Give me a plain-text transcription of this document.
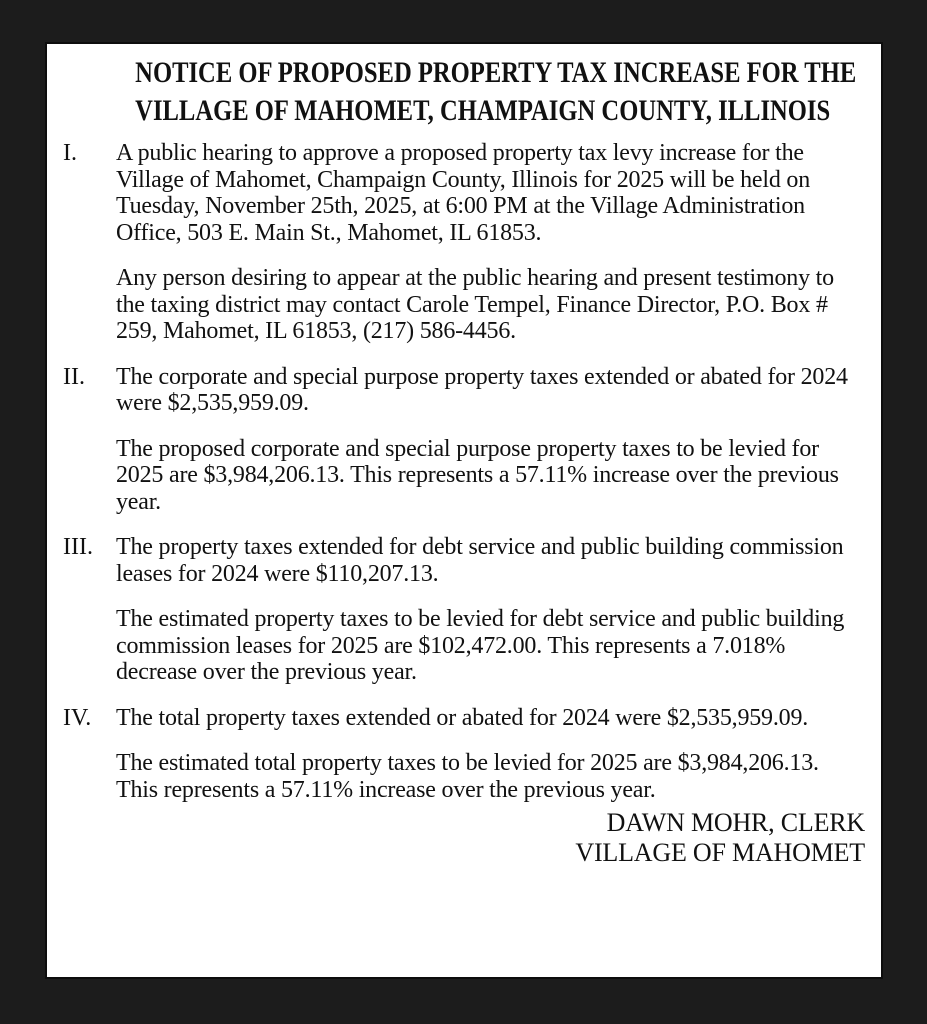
NOTICE OF PROPOSED PROPERTY TAX INCREASE FOR THE
VILLAGE OF MAHOMET, CHAMPAIGN COUNTY, ILLINOIS
I.	A public hearing to approve a proposed property tax levy increase for the Village of Mahomet, Champaign County, Illinois for 2025 will be held on Tuesday, November 25th, 2025, at 6:00 PM at the Village Administration Office, 503 E. Main St., Mahomet, IL 61853.

Any person desiring to appear at the public hearing and present testimony to the taxing district may contact Carole Tempel, Finance Director, P.O. Box # 259, Mahomet, IL 61853, (217) 586-4456.

II.	The corporate and special purpose property taxes extended or abated for 2024 were $2,535,959.09.

The proposed corporate and special purpose property taxes to be levied for 2025 are $3,984,206.13. This represents a 57.11% increase over the previous year.

III. The property taxes extended for debt service and public building commission leases for 2024 were $110,207.13.

The estimated property taxes to be levied for debt service and public building commission leases for 2025 are $102,472.00. This represents a 7.018% decrease over the previous year.

IV.	The total property taxes extended or abated for 2024 were $2,535,959.09.

The estimated total property taxes to be levied for 2025 are $3,984,206.13. This represents a 57.11% increase over the previous year.

DAWN MOHR, CLERK
VILLAGE OF MAHOMET
